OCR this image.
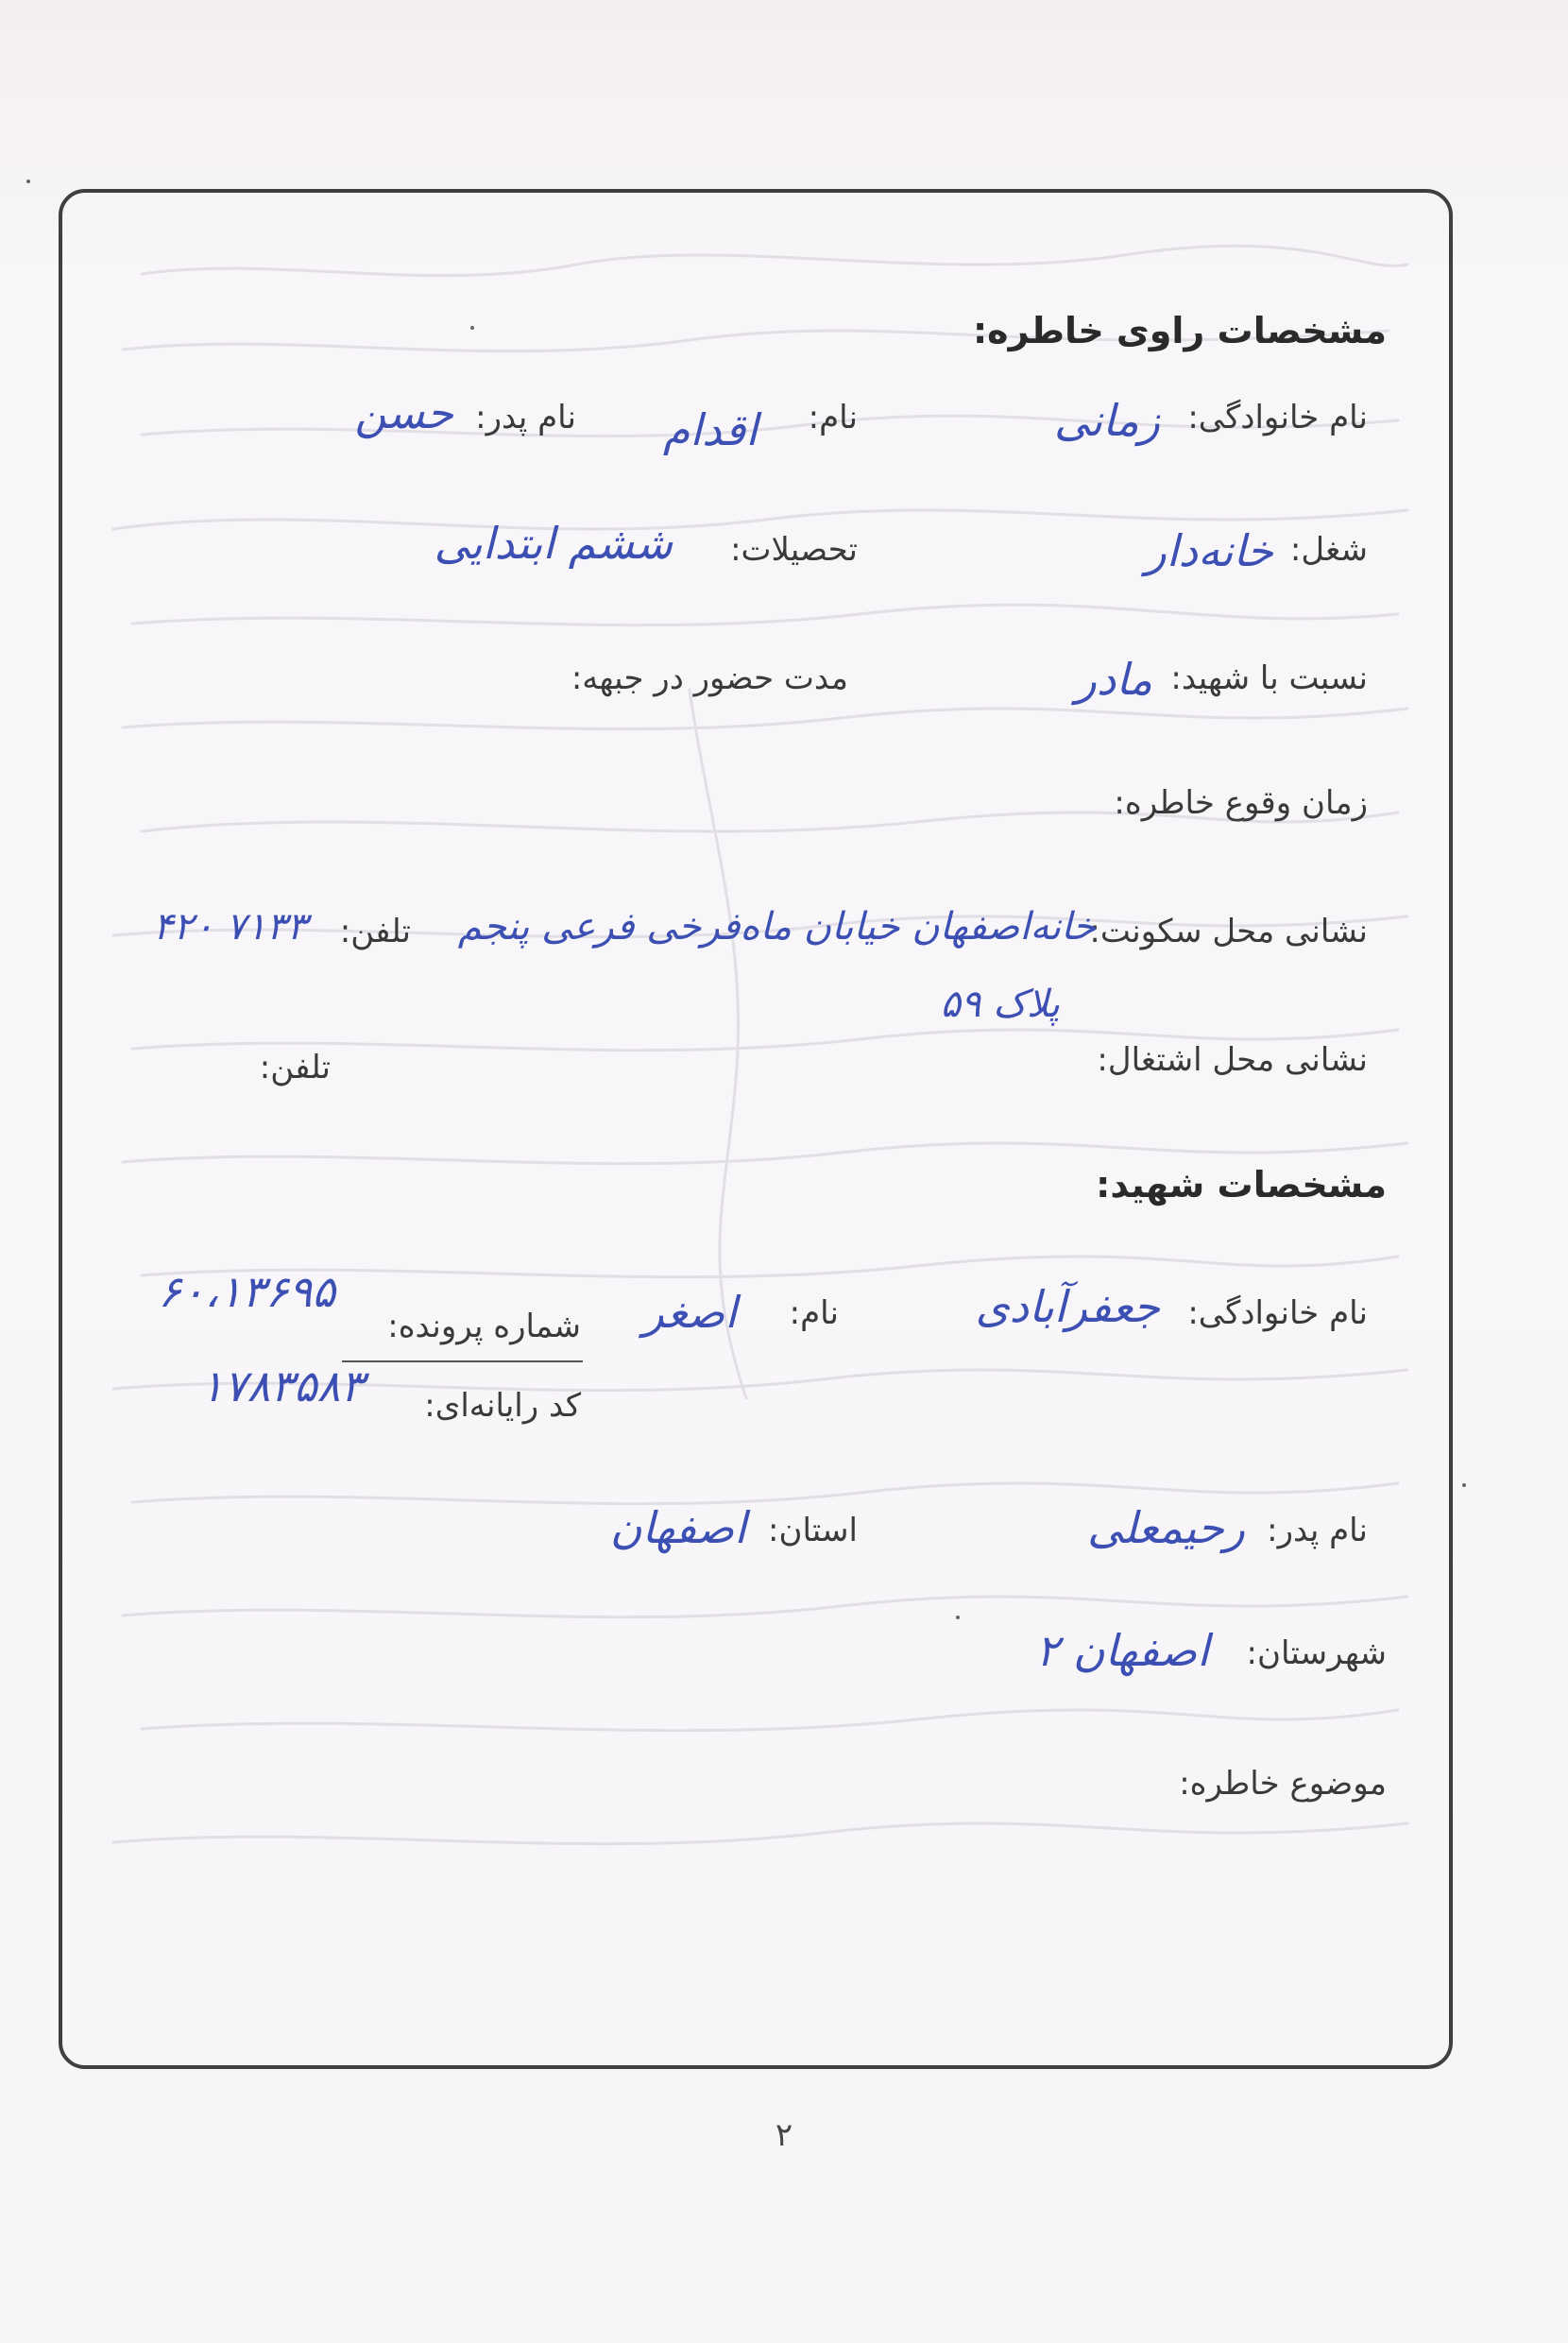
مشخصات راوی خاطره:
نام خانوادگی:
زمانی
نام:
اقدام
نام پدر:
حسن
شغل:
خانه‌دار
تحصیلات:
ششم ابتدایی
نسبت با شهید:
مادر
مدت حضور در جبهه:
زمان وقوع خاطره:
نشانی محل سکونت:
خانه‌اصفهان خیابان ماه‌فرخی فرعی پنجم
تلفن:
۷۱۳۳ ۴۲۰
پلاک ۵۹
نشانی محل اشتغال:
تلفن:
مشخصات شهید:
نام خانوادگی:
جعفرآبادی
نام:
اصغر
شماره پرونده:
۶۰،۱۳۶۹۵
کد رایانه‌ای:
۱۷۸۳۵۸۳
نام پدر:
رحیمعلی
استان:
اصفهان
شهرستان:
اصفهان ۲
موضوع خاطره:
۲
